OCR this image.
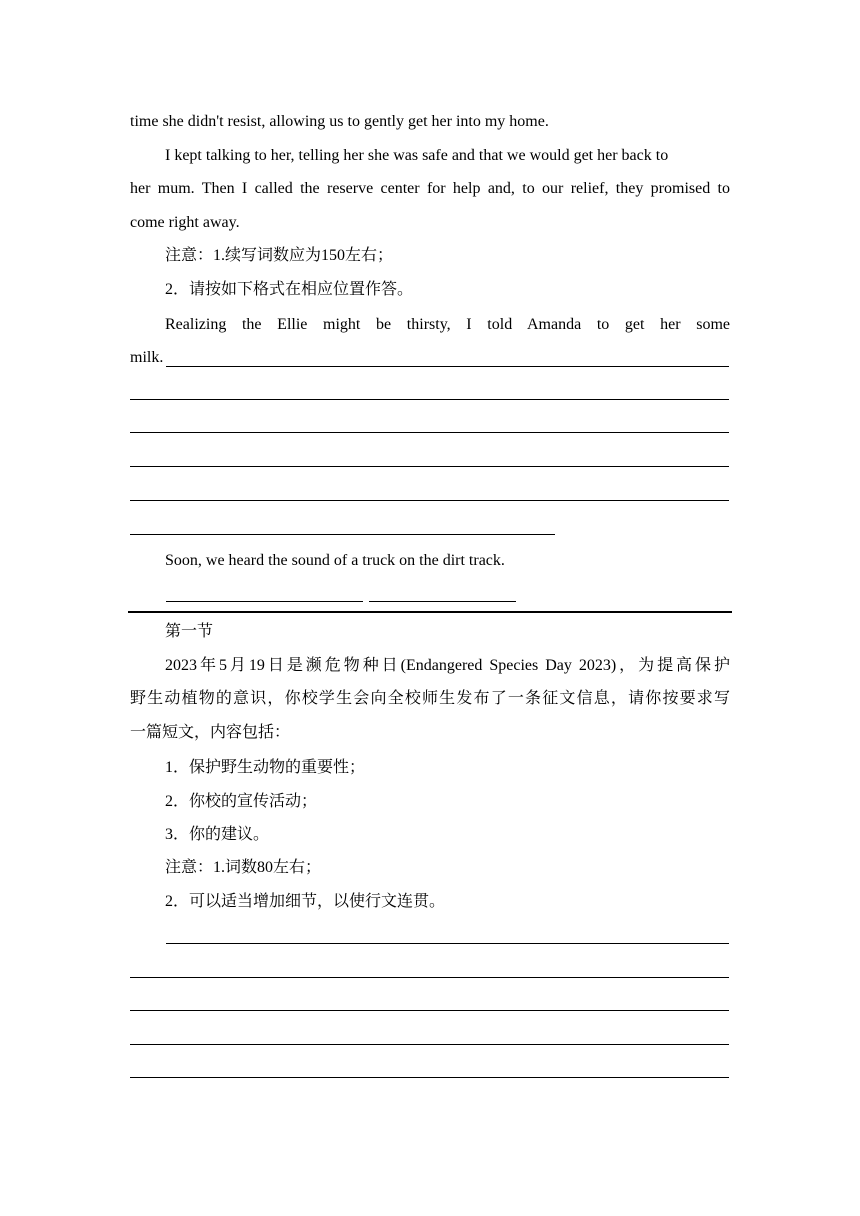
time she didn't resist, allowing us to gently get her into my home.
I kept talking to her, telling her she was safe and that we would get her back to
her mum. Then I called the reserve center for help and, to our relief, they promised to
come right away.
注意：1.续写词数应为150左右；
2．请按如下格式在相应位置作答。
Realizing the Ellie might be thirsty, I told Amanda to get her some
milk.
Soon, we heard the sound of a truck on the dirt track.
第一节
2023年5月19日是濒危物种日(Endangered Species Day 2023)，为提高保护
野生动植物的意识，你校学生会向全校师生发布了一条征文信息，请你按要求写
一篇短文，内容包括：
1．保护野生动物的重要性；
2．你校的宣传活动；
3．你的建议。
注意：1.词数80左右；
2．可以适当增加细节，以使行文连贯。
